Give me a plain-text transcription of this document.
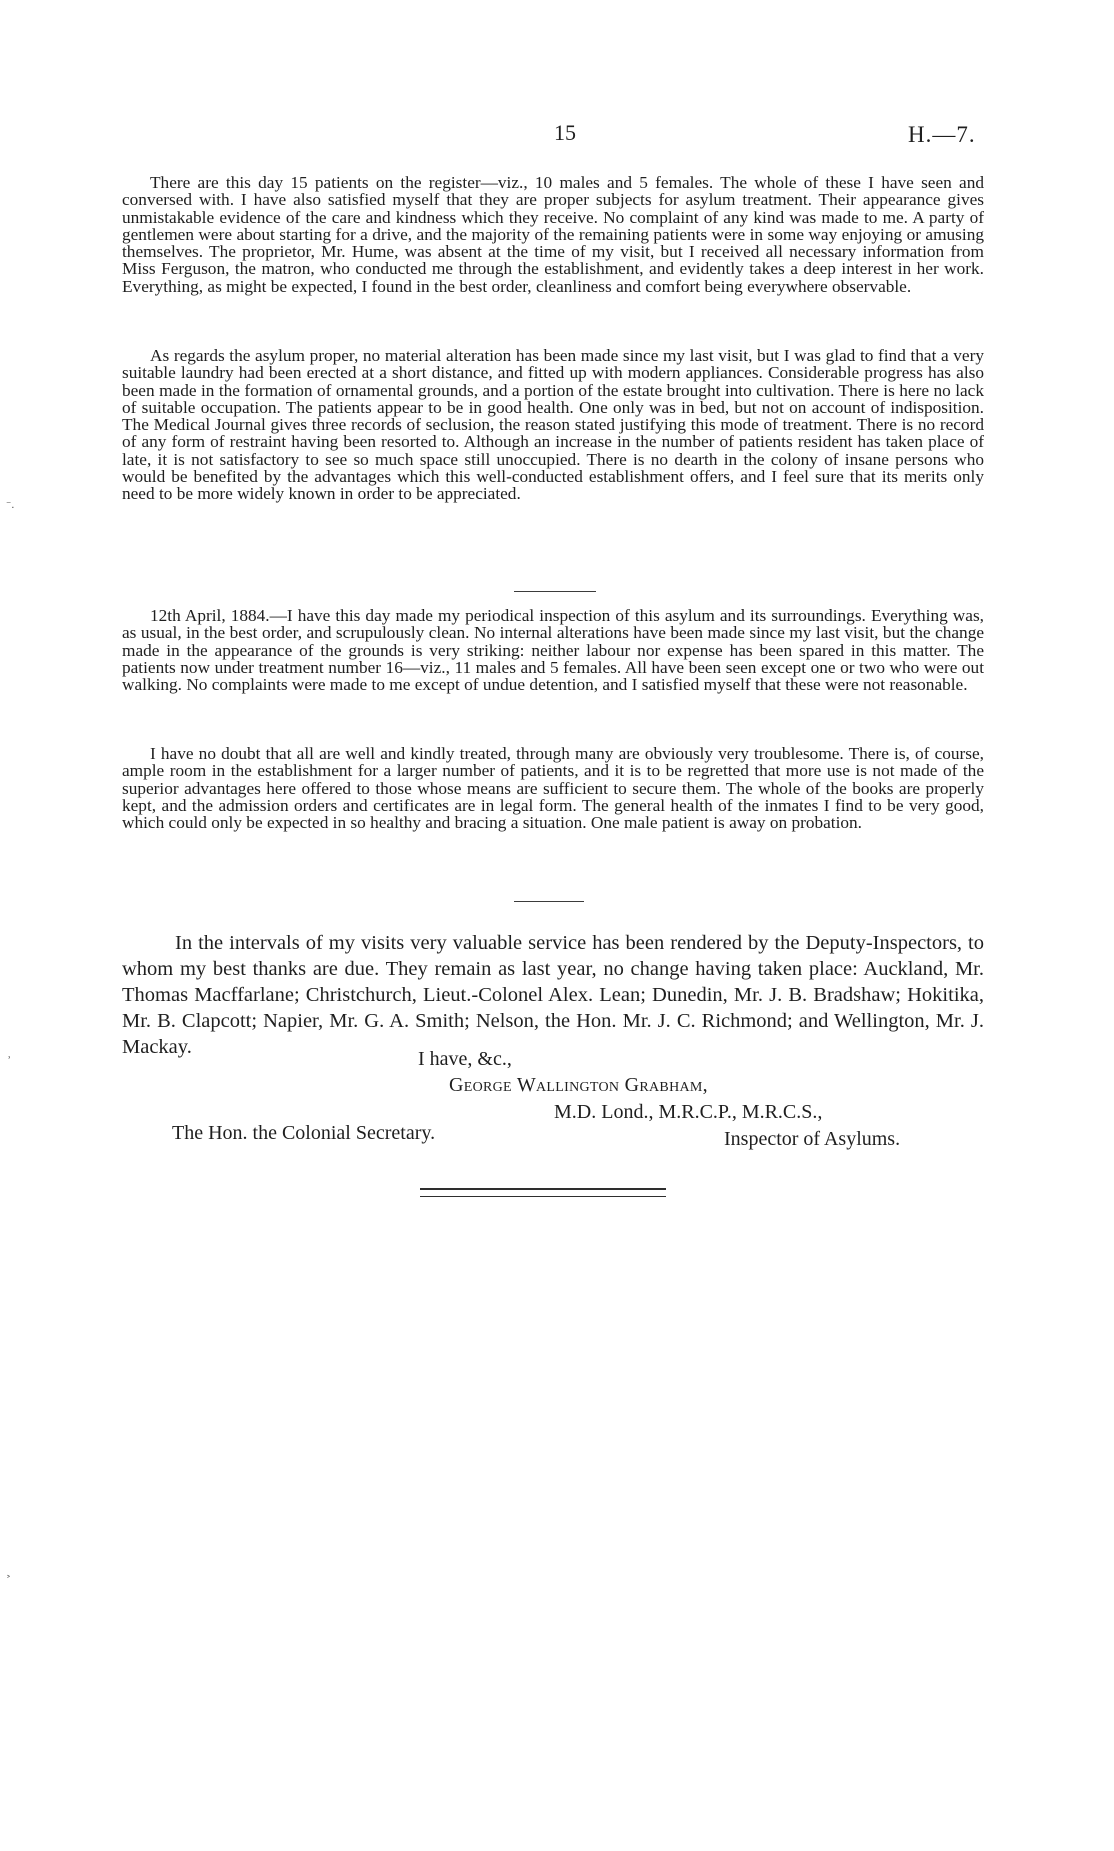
15	H.—7.

There are this day 15 patients on the register—viz., 10 males and 5 females. The whole of these I have seen and conversed with. I have also satisfied myself that they are proper subjects for asylum treatment. Their appearance gives unmistakable evidence of the care and kindness which they receive. No complaint of any kind was made to me. A party of gentlemen were about starting for a drive, and the majority of the remaining patients were in some way enjoying or amusing themselves. The proprietor, Mr. Hume, was absent at the time of my visit, but I received all necessary information from Miss Ferguson, the matron, who conducted me through the establishment, and evidently takes a deep interest in her work. Everything, as might be expected, I found in the best order, cleanliness and comfort being everywhere observable.

As regards the asylum proper, no material alteration has been made since my last visit, but I was glad to find that a very suitable laundry had been erected at a short distance, and fitted up with modern appliances. Considerable progress has also been made in the formation of ornamental grounds, and a portion of the estate brought into cultivation. There is here no lack of suitable occupation. The patients appear to be in good health. One only was in bed, but not on account of indisposition. The Medical Journal gives three records of seclusion, the reason stated justifying this mode of treatment. There is no record of any form of restraint having been resorted to. Although an increase in the number of patients resident has taken place of late, it is not satisfactory to see so much space still unoccupied. There is no dearth in the colony of insane persons who would be benefited by the advantages which this well-conducted establishment offers, and I feel sure that its merits only need to be more widely known in order to be appreciated.

12th April, 1884.—I have this day made my periodical inspection of this asylum and its surroundings. Everything was, as usual, in the best order, and scrupulously clean. No internal alterations have been made since my last visit, but the change made in the appearance of the grounds is very striking: neither labour nor expense has been spared in this matter. The patients now under treatment number 16—viz., 11 males and 5 females. All have been seen except one or two who were out walking. No complaints were made to me except of undue detention, and I satisfied myself that these were not reasonable.

I have no doubt that all are well and kindly treated, through many are obviously very troublesome. There is, of course, ample room in the establishment for a larger number of patients, and it is to be regretted that more use is not made of the superior advantages here offered to those whose means are sufficient to secure them. The whole of the books are properly kept, and the admission orders and certificates are in legal form. The general health of the inmates I find to be very good, which could only be expected in so healthy and bracing a situation. One male patient is away on probation.

In the intervals of my visits very valuable service has been rendered by the Deputy-Inspectors, to whom my best thanks are due. They remain as last year, no change having taken place: Auckland, Mr. Thomas Macffarlane; Christchurch, Lieut.-Colonel Alex. Lean; Dunedin, Mr. J. B. Bradshaw; Hokitika, Mr. B. Clapcott; Napier, Mr. G. A. Smith; Nelson, the Hon. Mr. J. C. Richmond; and Wellington, Mr. J. Mackay.

I have, &c.,
George Wallington Grabham,
M.D. Lond., M.R.C.P., M.R.C.S.,
The Hon. the Colonial Secretary.	Inspector of Asylums.
⁻.
˒
˃
